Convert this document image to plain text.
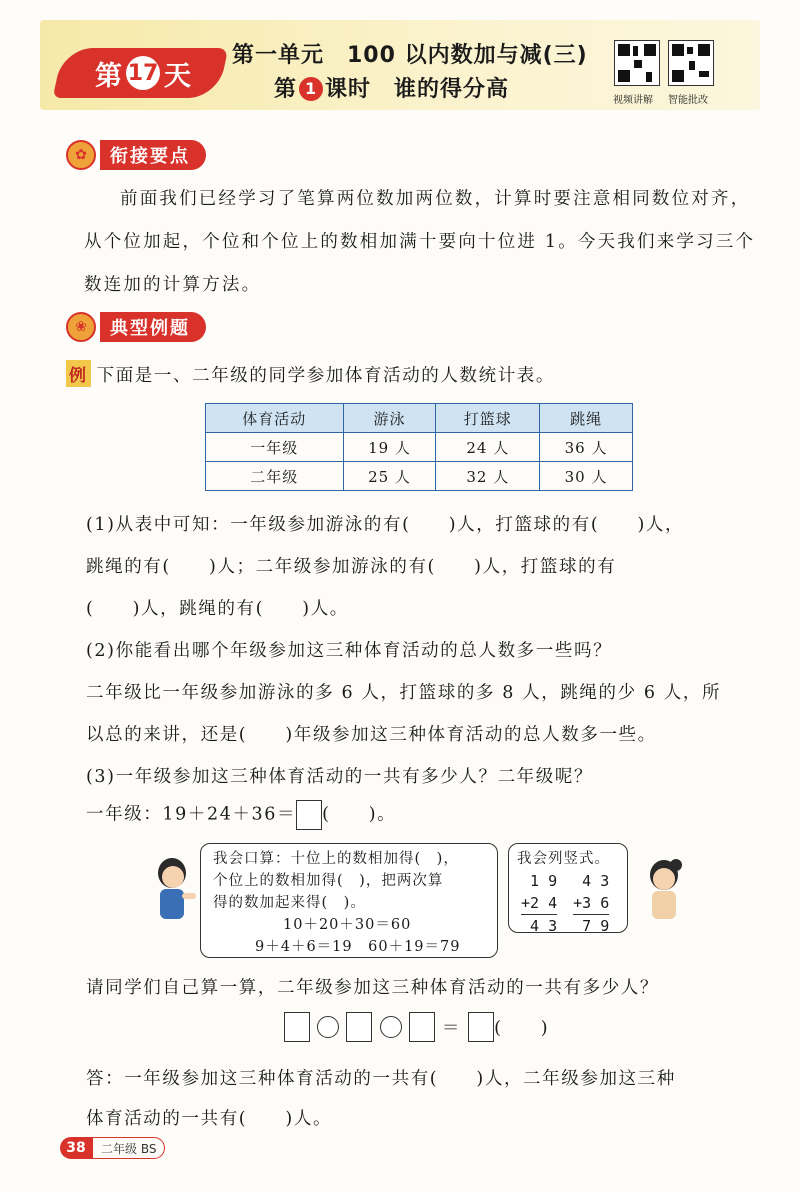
第 17 天
第一单元　100 以内数加与减(三)
第 1 课时　谁的得分高	视频讲解 智能批改
✿	衔接要点
前面我们已经学习了笔算两位数加两位数，计算时要注意相同数位对齐，从个位加起，个位和个位上的数相加满十要向十位进 1。今天我们来学习三个数连加的计算方法。
❀	典型例题
例 下面是一、二年级的同学参加体育活动的人数统计表。
体育活动	游泳	打篮球	跳绳
一年级	19 人	24 人	36 人
二年级	25 人	32 人	30 人
(1)从表中可知：一年级参加游泳的有(　　)人，打篮球的有(　　)人，
跳绳的有(　　)人；二年级参加游泳的有(　　)人，打篮球的有
(　　)人，跳绳的有(　　)人。
(2)你能看出哪个年级参加这三种体育活动的总人数多一些吗？
二年级比一年级参加游泳的多 6 人，打篮球的多 8 人，跳绳的少 6 人，所
以总的来讲，还是(　　)年级参加这三种体育活动的总人数多一些。
(3)一年级参加这三种体育活动的一共有多少人？二年级呢？
一年级：19＋24＋36＝ (　　)。
我会口算：十位上的数相加得(　)，
个位上的数相加得(　)，把两次算
得的数加起来得(　)。
10＋20＋30＝60
9＋4＋6＝19　60＋19＝79
我会列竖式。
1 9
+2 4
4 3
4 3
+3 6
7 9
请同学们自己算一算，二年级参加这三种体育活动的一共有多少人？
＝ (　　)
答：一年级参加这三种体育活动的一共有(　　)人，二年级参加这三种
体育活动的一共有(　　)人。
38	二年级 BS
